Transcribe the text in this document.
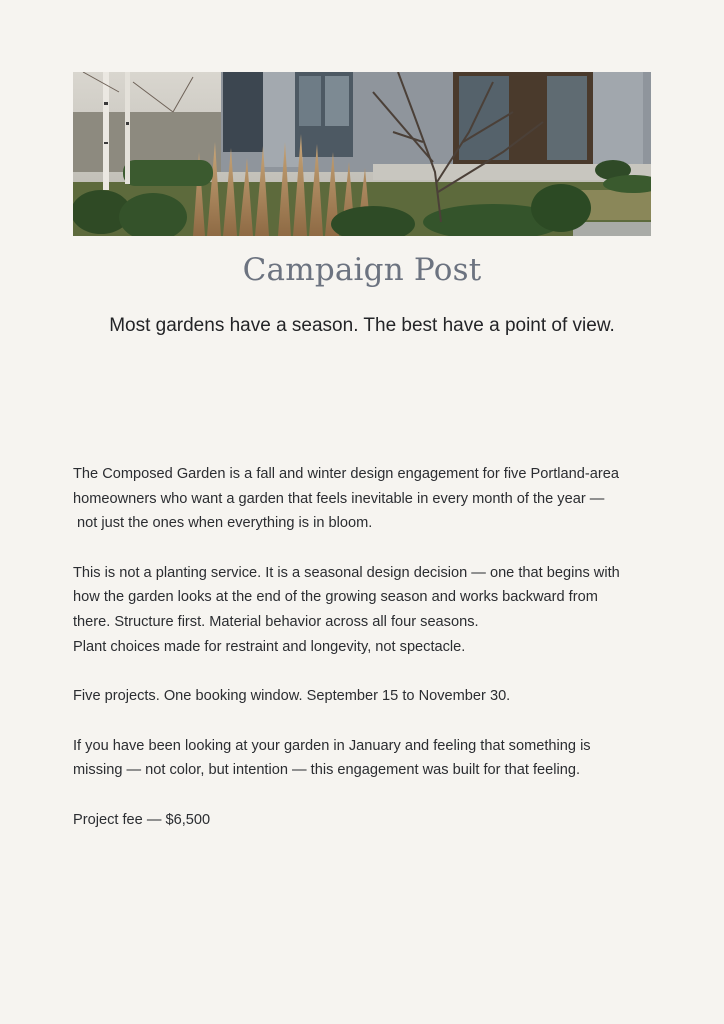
Campaign Post

Most gardens have a season. The best have a point of view.

The Composed Garden is a fall and winter design engagement for five Portland-area
homeowners who want a garden that feels inevitable in every month of the year —
not just the ones when everything is in bloom.

This is not a planting service. It is a seasonal design decision — one that begins with
how the garden looks at the end of the growing season and works backward from
there. Structure first. Material behavior across all four seasons.
Plant choices made for restraint and longevity, not spectacle.

Five projects. One booking window. September 15 to November 30.

If you have been looking at your garden in January and feeling that something is
missing — not color, but intention — this engagement was built for that feeling.

Project fee — $6,500
